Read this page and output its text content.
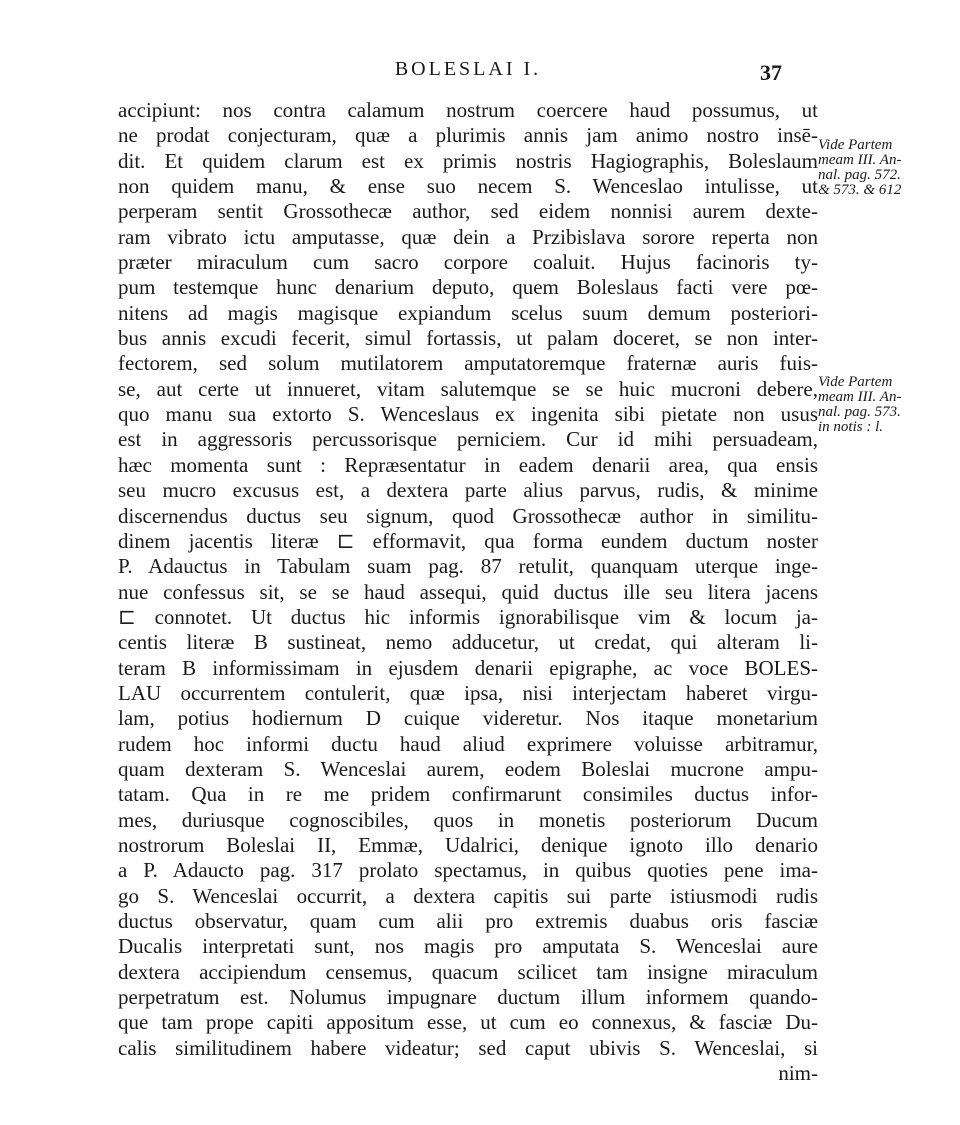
BOLESLAI I.	37
accipiunt: nos contra calamum nostrum coercere haud possumus, ut
ne prodat conjecturam, quæ a plurimis annis jam animo nostro insē-
dit. Et quidem clarum est ex primis nostris Hagiographis, Boleslaum
non quidem manu, & ense suo necem S. Wenceslao intulisse, ut
perperam sentit Grossothecæ author, sed eidem nonnisi aurem dexte-
ram vibrato ictu amputasse, quæ dein a Przibislava sorore reperta non
præter miraculum cum sacro corpore coaluit. Hujus facinoris ty-
pum testemque hunc denarium deputo, quem Boleslaus facti vere pœ-
nitens ad magis magisque expiandum scelus suum demum posteriori-
bus annis excudi fecerit, simul fortassis, ut palam doceret, se non inter-
fectorem, sed solum mutilatorem amputatoremque fraternæ auris fuis-
se, aut certe ut innueret, vitam salutemque se se huic mucroni debere,
quo manu sua extorto S. Wenceslaus ex ingenita sibi pietate non usus
est in aggressoris percussorisque perniciem. Cur id mihi persuadeam,
hæc momenta sunt : Repræsentatur in eadem denarii area, qua ensis
seu mucro excusus est, a dextera parte alius parvus, rudis, & minime
discernendus ductus seu signum, quod Grossothecæ author in similitu-
dinem jacentis literæ ⊏ efformavit, qua forma eundem ductum noster
P. Adauctus in Tabulam suam pag. 87 retulit, quanquam uterque inge-
nue confessus sit, se se haud assequi, quid ductus ille seu litera jacens
⊏ connotet. Ut ductus hic informis ignorabilisque vim & locum ja-
centis literæ B sustineat, nemo adducetur, ut credat, qui alteram li-
teram B informissimam in ejusdem denarii epigraphe, ac voce BOLES-
LAU occurrentem contulerit, quæ ipsa, nisi interjectam haberet virgu-
lam, potius hodiernum D cuique videretur. Nos itaque monetarium
rudem hoc informi ductu haud aliud exprimere voluisse arbitramur,
quam dexteram S. Wenceslai aurem, eodem Boleslai mucrone ampu-
tatam. Qua in re me pridem confirmarunt consimiles ductus infor-
mes, duriusque cognoscibiles, quos in monetis posteriorum Ducum
nostrorum Boleslai II, Emmæ, Udalrici, denique ignoto illo denario
a P. Adaucto pag. 317 prolato spectamus, in quibus quoties pene ima-
go S. Wenceslai occurrit, a dextera capitis sui parte istiusmodi rudis
ductus observatur, quam cum alii pro extremis duabus oris fasciæ
Ducalis interpretati sunt, nos magis pro amputata S. Wenceslai aure
dextera accipiendum censemus, quacum scilicet tam insigne miraculum
perpetratum est. Nolumus impugnare ductum illum informem quando-
que tam prope capiti appositum esse, ut cum eo connexus, & fasciæ Du-
calis similitudinem habere videatur; sed caput ubivis S. Wenceslai, si
nim-
Vide Partem
meam III. An-
nal. pag. 572.
& 573. & 612
Vide Partem
meam III. An-
nal. pag. 573.
in notis : l.
